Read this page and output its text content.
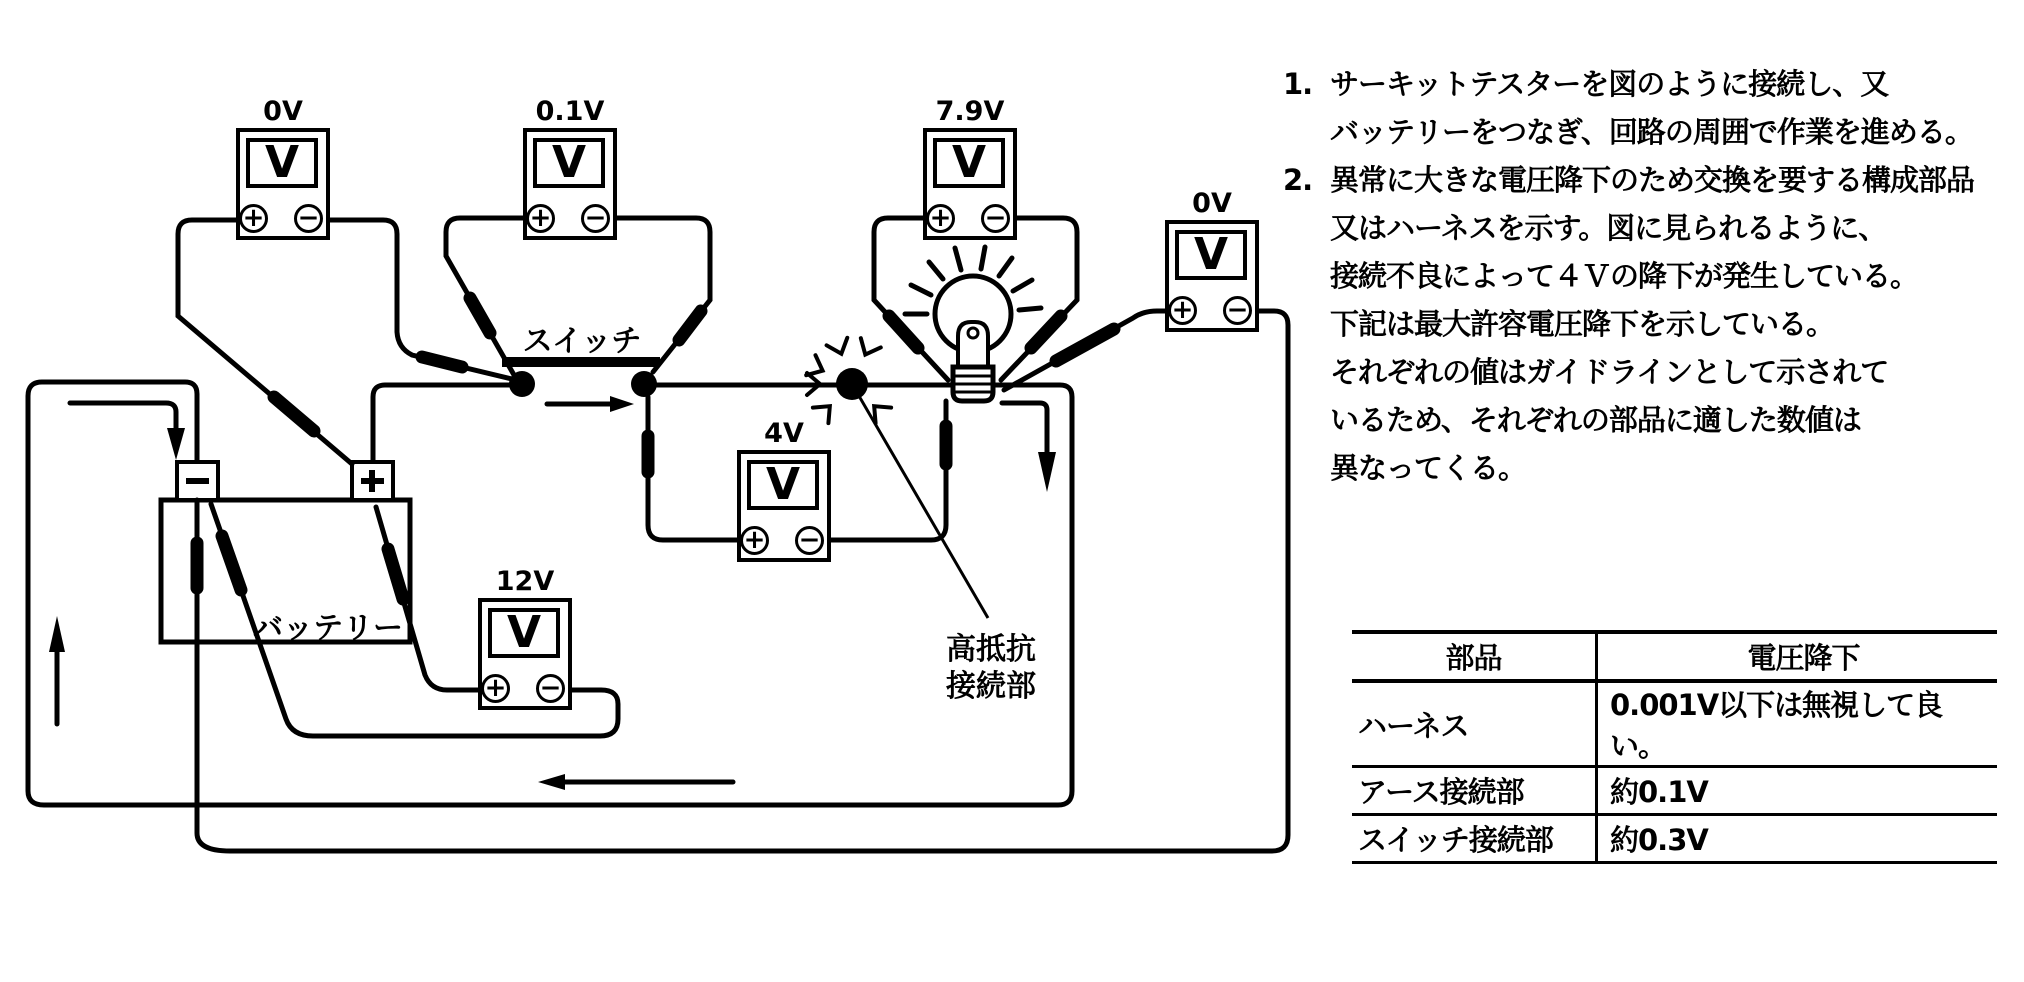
0V
V
+ −
0.1V
V
+ −
7.9V
V
+ −	0V
V
+ −
4V
V
+ −
12V
V
+ −
スイッチ
バッテリー
高抵抗
接続部
1. サーキットテスターを図のように接続し、又
バッテリーをつなぎ、回路の周囲で作業を進める。
2. 異常に大きな電圧降下のため交換を要する構成部品
又はハーネスを示す。図に見られるように、
接続不良によって４Ｖの降下が発生している。
下記は最大許容電圧降下を示している。
それぞれの値はガイドラインとして示されて
いるため、それぞれの部品に適した数値は
異なってくる。
部品	電圧降下
ハーネス	0.001V以下は無視して良い。
アース接続部	約0.1V
スイッチ接続部	約0.3V
